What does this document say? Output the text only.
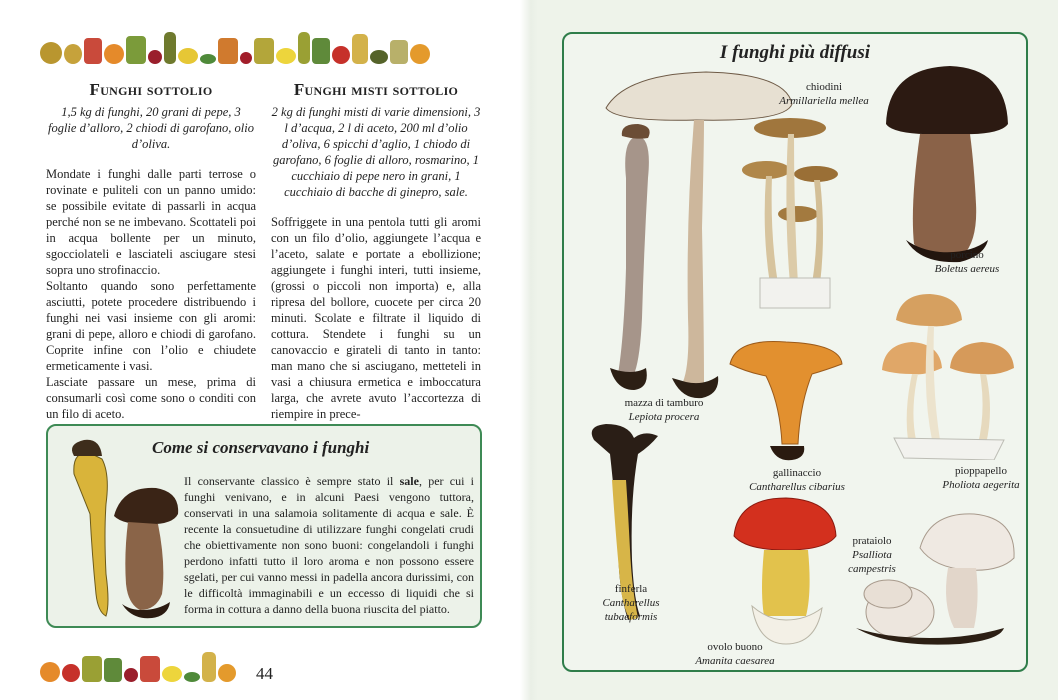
Funghi sottolio
1,5 kg di funghi, 20 grani di pepe, 3 foglie d’alloro, 2 chiodi di garofano, olio d’oliva.

Mondate i funghi dalle parti terrose o rovinate e puliteli con un panno umido: se possibile evitate di passarli in acqua perché non se ne imbevano. Scottateli poi in acqua bollente per un minuto, sgocciolateli e lasciateli asciugare stesi sopra uno strofinaccio.

Soltanto quando sono perfettamente asciutti, potete procedere distribuendo i funghi nei vasi insieme con gli aromi: grani di pepe, alloro e chiodi di garofano. Coprite infine con l’olio e chiudete ermeticamente i vasi.

Lasciate passare un mese, prima di consumarli così come sono o conditi con un filo di aceto.

Funghi misti sottolio
2 kg di funghi misti di varie dimensioni, 3 l d’acqua, 2 l di aceto, 200 ml d’olio d’oliva, 6 spicchi d’aglio, 1 chiodo di garofano, 6 foglie di alloro, rosmarino, 1 cucchiaio di pepe nero in grani, 1 cucchiaio di bacche di ginepro, sale.

Soffriggete in una pentola tutti gli aromi con un filo d’olio, aggiungete l’acqua e l’aceto, salate e portate a ebollizione; aggiungete i funghi interi, tutti insieme, (grossi o piccoli non importa) e, alla ripresa del bollore, cuocete per circa 20 minuti. Scolate e filtrate il liquido di cottura. Stendete i funghi su un canovaccio e girateli di tanto in tanto: man mano che si asciugano, metteteli in vasi a chiusura ermetica e imboccatura larga, che avrete avuto l’accortezza di riempire in prece-

Come si conservavano i funghi
Il conservante classico è sempre stato il sale, per cui i funghi venivano, e in alcuni Paesi vengono tuttora, conservati in una salamoia solitamente di acqua e sale. È recente la consuetudine di utilizzare funghi congelati crudi che obiettivamente non sono buoni: congelandoli i funghi perdono infatti tutto il loro aroma e non possono essere sgelati, per cui vanno messi in padella ancora durissimi, con le difficoltà immaginabili e un eccesso di liquidi che si forma in cottura a danno della buona riuscita del piatto.
44
I funghi più diffusi
mazza di tamburo
Lepiota procera
chiodini
Armillariella mellea
porcino
Boletus aereus
gallinaccio
Cantharellus cibarius
pioppарello
Pholiota aegerita
finferla
Cantharellus tubaeformis
ovolo buono
Amanita caesarea
prataiolo
Psalliota campestris
